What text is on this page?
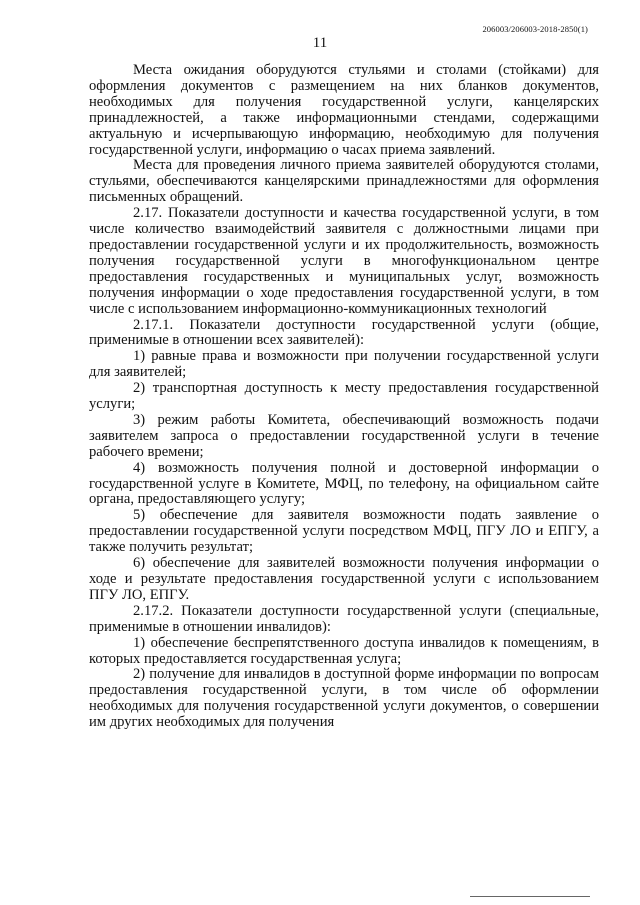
206003/206003-2018-2850(1)
11

Места ожидания оборудуются стульями и столами (стойками) для оформления документов с размещением на них бланков документов, необходимых для получения государственной услуги, канцелярских принадлежностей, а также информационными стендами, содержащими актуальную и исчерпывающую информацию, необходимую для получения государственной услуги, информацию о часах приема заявлений.

Места для проведения личного приема заявителей оборудуются столами, стульями, обеспечиваются канцелярскими принадлежностями для оформления письменных обращений.

2.17. Показатели доступности и качества государственной услуги, в том числе количество взаимодействий заявителя с должностными лицами при предоставлении государственной услуги и их продолжительность, возможность получения государственной услуги в многофункциональном центре предоставления государственных и муниципальных услуг, возможность получения информации о ходе предоставления государственной услуги, в том числе с использованием информационно-коммуникационных технологий

2.17.1. Показатели доступности государственной услуги (общие, применимые в отношении всех заявителей):

1) равные права и возможности при получении государственной услуги для заявителей;

2) транспортная доступность к месту предоставления государственной услуги;

3) режим работы Комитета, обеспечивающий возможность подачи заявителем запроса о предоставлении государственной услуги в течение рабочего времени;

4) возможность получения полной и достоверной информации о государственной услуге в Комитете, МФЦ, по телефону, на официальном сайте органа, предоставляющего услугу;

5) обеспечение для заявителя возможности подать заявление о предоставлении государственной услуги посредством МФЦ, ПГУ ЛО и ЕПГУ, а также получить результат;

6) обеспечение для заявителей возможности получения информации о ходе и результате предоставления государственной услуги с использованием ПГУ ЛО, ЕПГУ.

2.17.2. Показатели доступности государственной услуги (специальные, применимые в отношении инвалидов):

1) обеспечение беспрепятственного доступа инвалидов к помещениям, в которых предоставляется государственная услуга;

2) получение для инвалидов в доступной форме информации по вопросам предоставления государственной услуги, в том числе об оформлении необходимых для получения государственной услуги документов, о совершении им других необходимых для получения
